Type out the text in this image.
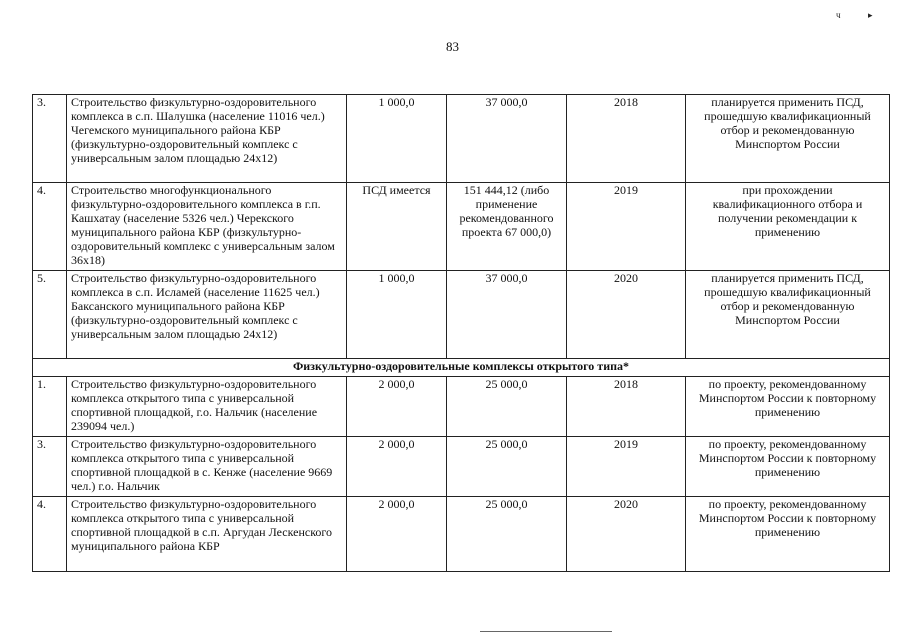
ч	▸
83
3.	Строительство физкультурно-оздоровительного комплекса в с.п. Шалушка (население 11016 чел.) Чегемского муниципального района КБР (физкультурно-оздоровительный комплекс с универсальным залом площадью 24х12)	1 000,0	37 000,0	2018	планируется применить ПСД, прошедшую квалификационный отбор и рекомендованную Минспортом России
4.	Строительство многофункционального физкультурно-оздоровительного комплекса в г.п. Кашхатау (население 5326 чел.) Черекского муниципального района КБР (физкультурно-оздоровительный комплекс с универсальным залом 36х18)	ПСД имеется	151 444,12 (либо применение рекомендованного проекта 67 000,0)	2019	при прохождении квалификационного отбора и получении рекомендации к применению
5.	Строительство физкультурно-оздоровительного комплекса в с.п. Исламей (население 11625 чел.) Баксанского муниципального района КБР (физкультурно-оздоровительный комплекс с универсальным залом площадью 24х12)	1 000,0	37 000,0	2020	планируется применить ПСД, прошедшую квалификационный отбор и рекомендованную Минспортом России
Физкультурно-оздоровительные комплексы открытого типа*					
1.	Строительство физкультурно-оздоровительного комплекса открытого типа с универсальной спортивной площадкой, г.о. Нальчик (население 239094 чел.)	2 000,0	25 000,0	2018	по проекту, рекомендованному Минспортом России к повторному применению
3.	Строительство физкультурно-оздоровительного комплекса открытого типа с универсальной спортивной площадкой в с. Кенже (население 9669 чел.) г.о. Нальчик	2 000,0	25 000,0	2019	по проекту, рекомендованному Минспортом России к повторному применению
4.	Строительство физкультурно-оздоровительного комплекса открытого типа с универсальной спортивной площадкой в с.п. Аргудан Лескенского муниципального района КБР	2 000,0	25 000,0	2020	по проекту, рекомендованному Минспортом России к повторному применению
